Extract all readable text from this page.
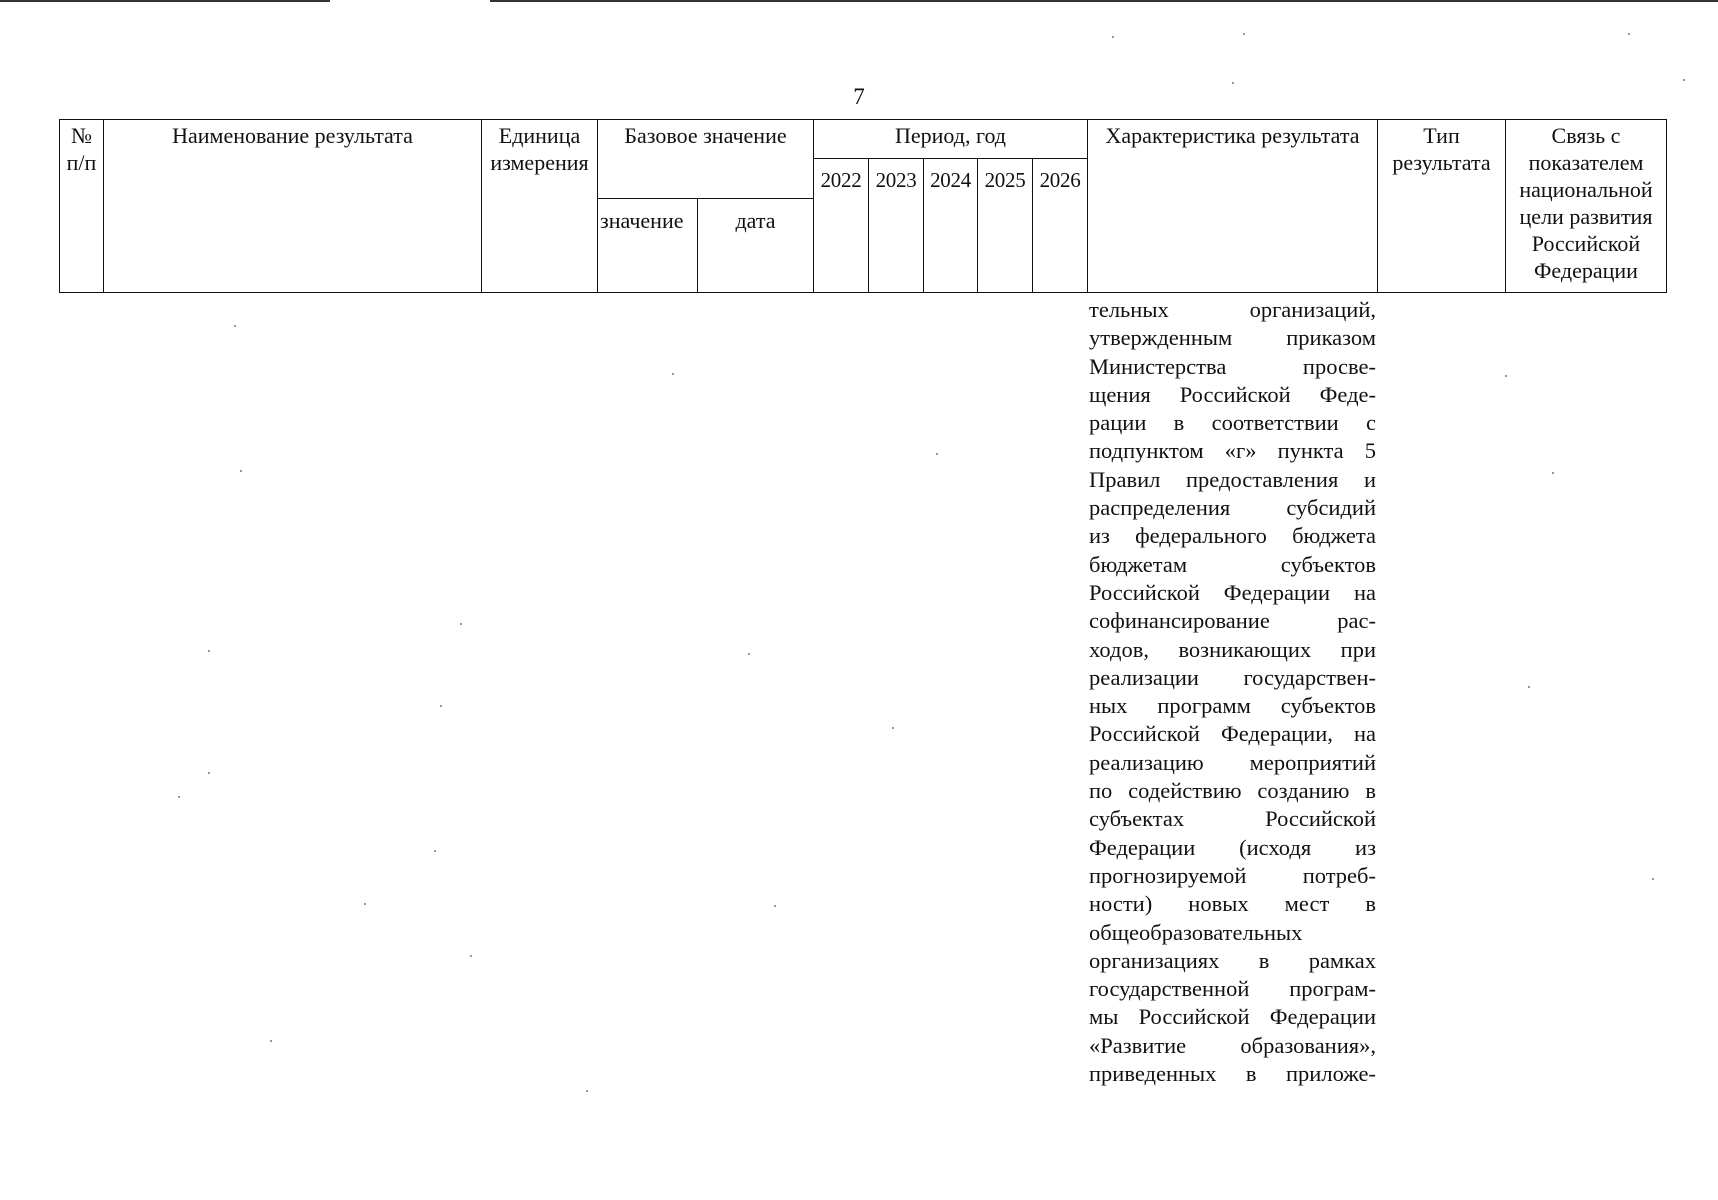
7
№ п/п	Наименование результата	Единица измерения	Базовое значение		Период, год					Характеристика результата	Тип результата	Связь с показателем национальной цели развития Российской Федерации
					2022	2023	2024	2025	2026			
			значение	дата								
тельных организаций,
утвержденным приказом
Министерства просве-
щения Российской Феде-
рации в соответствии с
подпунктом «г» пункта 5
Правил предоставления и
распределения субсидий
из федерального бюджета
бюджетам субъектов
Российской Федерации на
софинансирование рас-
ходов, возникающих при
реализации государствен-
ных программ субъектов
Российской Федерации, на
реализацию мероприятий
по содействию созданию в
субъектах Российской
Федерации (исходя из
прогнозируемой потреб-
ности) новых мест в
общеобразовательных
организациях в рамках
государственной програм-
мы Российской Федерации
«Развитие образования»,
приведенных в приложе-
